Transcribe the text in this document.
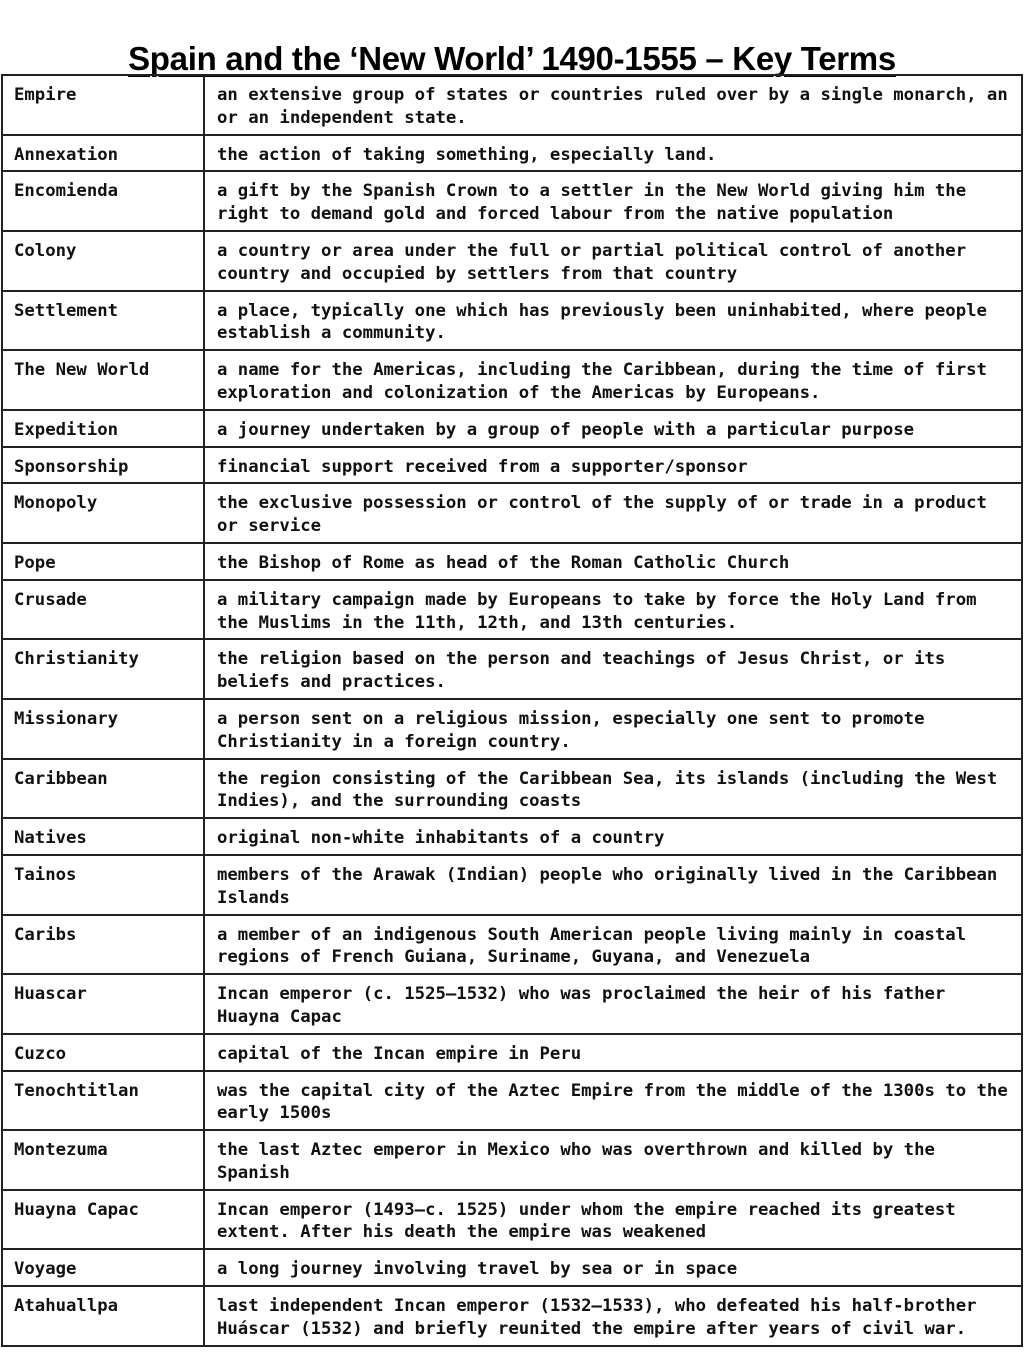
Spain and the ‘New World’ 1490-1555 – Key Terms
Empire	an extensive group of states or countries ruled over by a single monarch, an or an independent state.
Annexation	the action of taking something, especially land.
Encomienda	a gift by the Spanish Crown to a settler in the New World giving him the right to demand gold and forced labour from the native population
Colony	a country or area under the full or partial political control of another country and occupied by settlers from that country
Settlement	a place, typically one which has previously been uninhabited, where people establish a community.
The New World	a name for the Americas, including the Caribbean, during the time of first exploration and colonization of the Americas by Europeans.
Expedition	a journey undertaken by a group of people with a particular purpose
Sponsorship	financial support received from a supporter/sponsor
Monopoly	the exclusive possession or control of the supply of or trade in a product or service
Pope	the Bishop of Rome as head of the Roman Catholic Church
Crusade	a military campaign made by Europeans to take by force the Holy Land from the Muslims in the 11th, 12th, and 13th centuries.
Christianity	the religion based on the person and teachings of Jesus Christ, or its beliefs and practices.
Missionary	a person sent on a religious mission, especially one sent to promote Christianity in a foreign country.
Caribbean	the region consisting of the Caribbean Sea, its islands (including the West Indies), and the surrounding coasts
Natives	original non-white inhabitants of a country
Tainos	members of the Arawak (Indian) people who originally lived in the Caribbean Islands
Caribs	a member of an indigenous South American people living mainly in coastal regions of French Guiana, Suriname, Guyana, and Venezuela
Huascar	Incan emperor (c. 1525–1532) who was proclaimed the heir of his father Huayna Capac
Cuzco	capital of the Incan empire in Peru
Tenochtitlan	was the capital city of the Aztec Empire from the middle of the 1300s to the early 1500s
Montezuma	the last Aztec emperor in Mexico who was overthrown and killed by the Spanish
Huayna Capac	Incan emperor (1493–c. 1525) under whom the empire reached its greatest extent. After his death the empire was weakened
Voyage	a long journey involving travel by sea or in space
Atahuallpa	last independent Incan emperor (1532–1533), who defeated his half-brother Huáscar (1532) and briefly reunited the empire after years of civil war.
